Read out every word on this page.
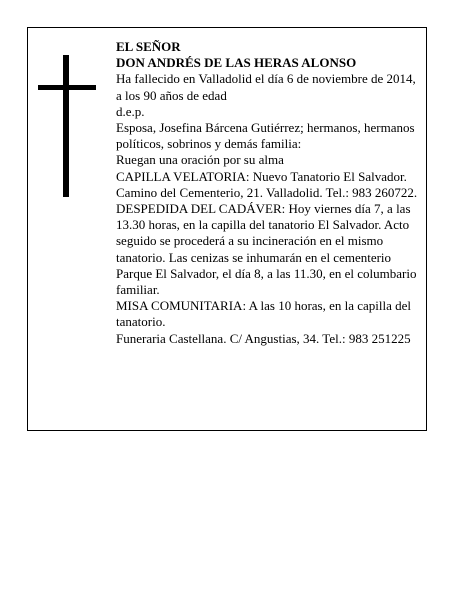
EL SEÑOR

DON ANDRÉS DE LAS HERAS ALONSO

Ha fallecido en Valladolid el día 6 de noviembre de 2014, a los 90 años de edad

d.e.p.

Esposa, Josefina Bárcena Gutiérrez; hermanos, hermanos políticos, sobrinos y demás familia:

Ruegan una oración por su alma

CAPILLA VELATORIA: Nuevo Tanatorio El Salvador. Camino del Cementerio, 21. Valladolid. Tel.: 983 260722. DESPEDIDA DEL CADÁVER: Hoy viernes día 7, a las 13.30 horas, en la capilla del tanatorio El Salvador. Acto seguido se procederá a su incineración en el mismo tanatorio. Las cenizas se inhumarán en el cementerio Parque El Salvador, el día 8, a las 11.30, en el columbario familiar.

MISA COMUNITARIA: A las 10 horas, en la capilla del tanatorio.

Funeraria Castellana. C/ Angustias, 34. Tel.: 983 251225
